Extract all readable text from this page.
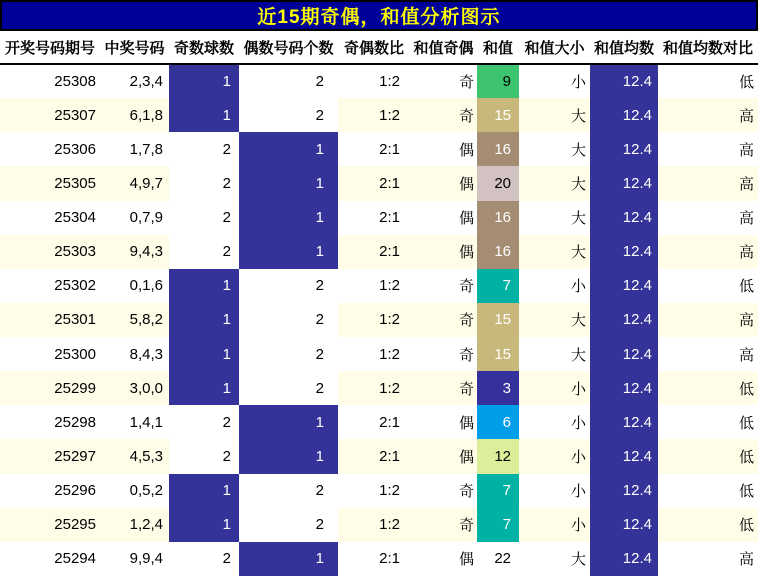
近15期奇偶，和值分析图示
开奖号码期号	中奖号码	奇数球数	偶数号码个数	奇偶数比	和值奇偶	和值	和值大小	和值均数	和值均数对比
25308	2,3,4	1	2	1:2	奇	9	小	12.4	低
25307	6,1,8	1	2	1:2	奇	15	大	12.4	高
25306	1,7,8	2	1	2:1	偶	16	大	12.4	高
25305	4,9,7	2	1	2:1	偶	20	大	12.4	高
25304	0,7,9	2	1	2:1	偶	16	大	12.4	高
25303	9,4,3	2	1	2:1	偶	16	大	12.4	高
25302	0,1,6	1	2	1:2	奇	7	小	12.4	低
25301	5,8,2	1	2	1:2	奇	15	大	12.4	高
25300	8,4,3	1	2	1:2	奇	15	大	12.4	高
25299	3,0,0	1	2	1:2	奇	3	小	12.4	低
25298	1,4,1	2	1	2:1	偶	6	小	12.4	低
25297	4,5,3	2	1	2:1	偶	12	小	12.4	低
25296	0,5,2	1	2	1:2	奇	7	小	12.4	低
25295	1,2,4	1	2	1:2	奇	7	小	12.4	低
25294	9,9,4	2	1	2:1	偶	22	大	12.4	高
